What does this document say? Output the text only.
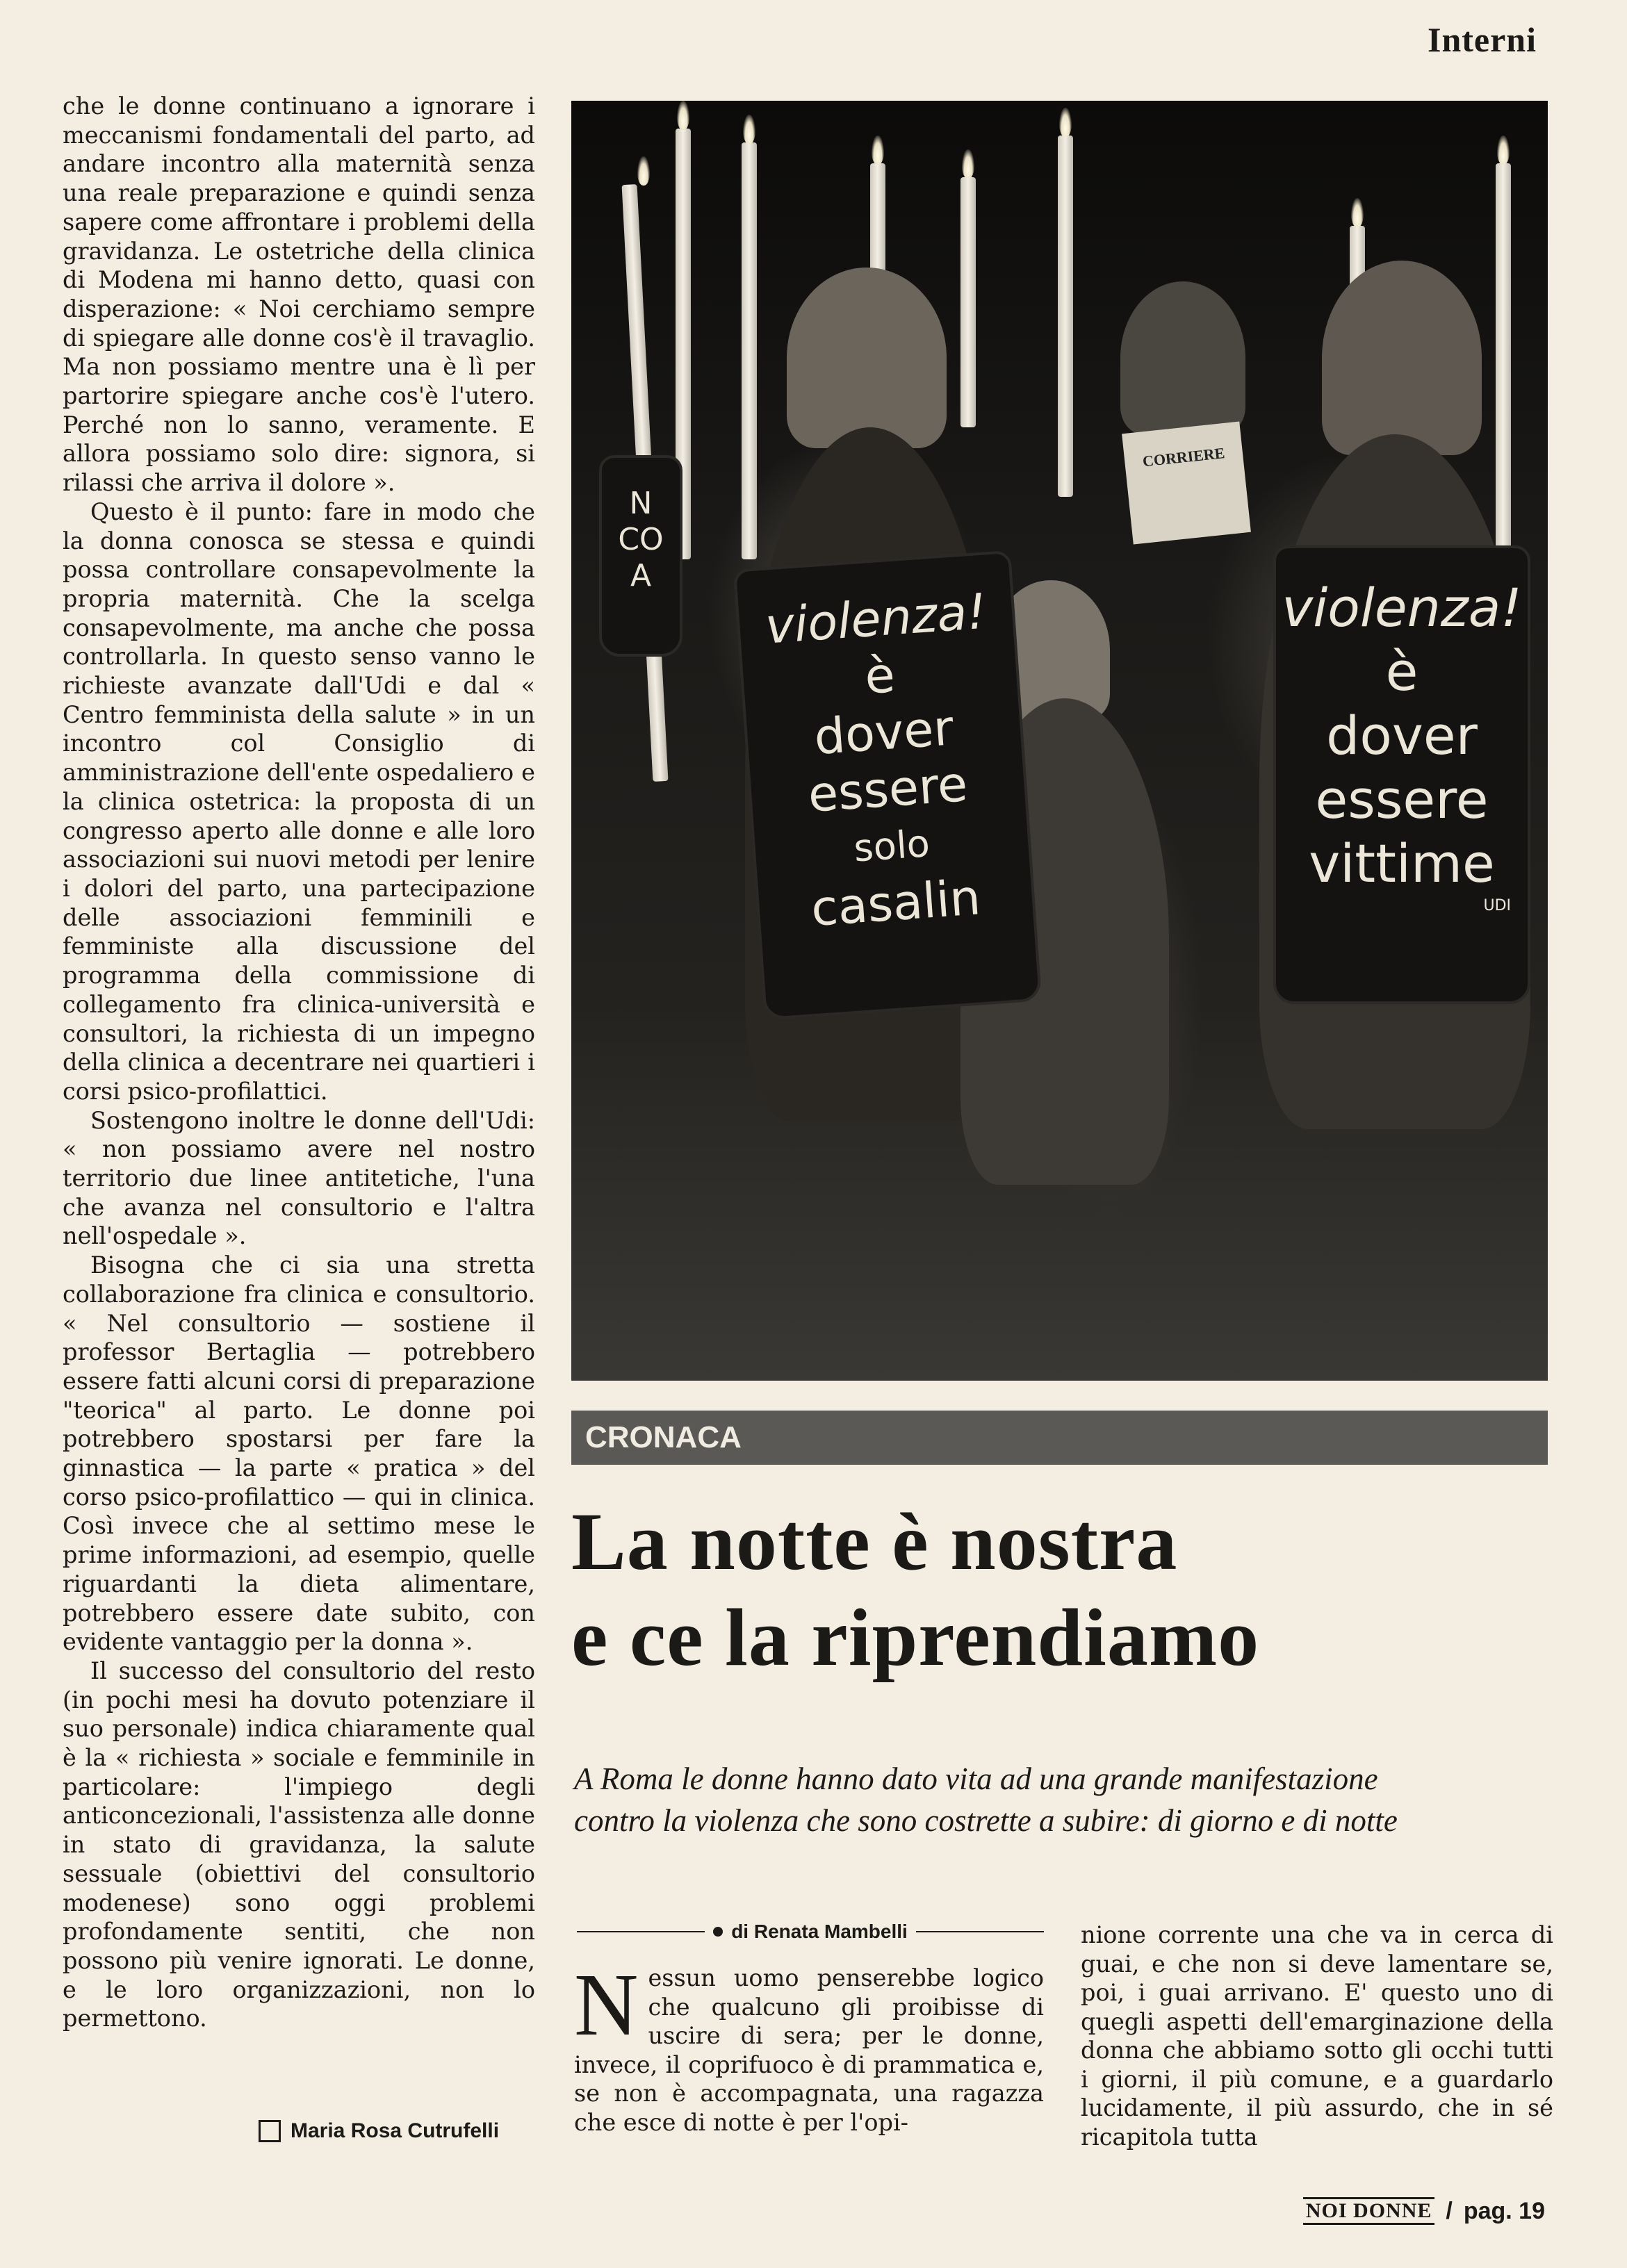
Interni

che le donne continuano a ignorare i meccanismi fondamentali del parto, ad andare incontro alla maternità senza una reale preparazione e quindi senza sapere come affrontare i problemi della gravidanza. Le ostetriche della clinica di Modena mi hanno detto, quasi con disperazione: « Noi cerchiamo sempre di spiegare alle donne cos'è il travaglio. Ma non possiamo mentre una è lì per partorire spiegare anche cos'è l'utero. Perché non lo sanno, veramente. E allora possiamo solo dire: signora, si rilassi che arriva il dolore ».

Questo è il punto: fare in modo che la donna conosca se stessa e quindi possa controllare consapevolmente la propria maternità. Che la scelga consapevolmente, ma anche che possa controllarla. In questo senso vanno le richieste avanzate dall'Udi e dal « Centro femminista della salute » in un incontro col Consiglio di amministrazione dell'ente ospedaliero e la clinica ostetrica: la proposta di un congresso aperto alle donne e alle loro associazioni sui nuovi metodi per lenire i dolori del parto, una partecipazione delle associazioni femminili e femministe alla discussione del programma della commissione di collegamento fra clinica-università e consultori, la richiesta di un impegno della clinica a decentrare nei quartieri i corsi psico-profilattici.

Sostengono inoltre le donne dell'Udi: « non possiamo avere nel nostro territorio due linee antitetiche, l'una che avanza nel consultorio e l'altra nell'ospedale ».

Bisogna che ci sia una stretta collaborazione fra clinica e consultorio. « Nel consultorio — sostiene il professor Bertaglia — potrebbero essere fatti alcuni corsi di preparazione "teorica" al parto. Le donne poi potrebbero spostarsi per fare la ginnastica — la parte « pratica » del corso psico-profilattico — qui in clinica. Così invece che al settimo mese le prime informazioni, ad esempio, quelle riguardanti la dieta alimentare, potrebbero essere date subito, con evidente vantaggio per la donna ».

Il successo del consultorio del resto (in pochi mesi ha dovuto potenziare il suo personale) indica chiaramente qual è la « richiesta » sociale e femminile in particolare: l'impiego degli anticoncezionali, l'assistenza alle donne in stato di gravidanza, la salute sessuale (obiettivi del consultorio modenese) sono oggi problemi profondamente sentiti, che non possono più venire ignorati. Le donne, e le loro organizzazioni, non lo permettono.

Maria Rosa Cutrufelli
CORRIERE
N
CO
A
violenza!
è
dover
essere
solo
casalin
violenza!
è
dover
essere
vittime
UDI
CRONACA
La notte è nostra
e ce la riprendiamo
A Roma le donne hanno dato vita ad una grande manifestazione contro la violenza che sono costrette a subire: di giorno e di notte
di Renata Mambelli
N essun uomo penserebbe logico che qualcuno gli proibisse di uscire di sera; per le donne, invece, il coprifuoco è di prammatica e, se non è accompagnata, una ragazza che esce di notte è per l'opi-

nione corrente una che va in cerca di guai, e che non si deve lamentare se, poi, i guai arrivano. E' questo uno di quegli aspetti dell'emarginazione della donna che abbiamo sotto gli occhi tutti i giorni, il più comune, e a guardarlo lucidamente, il più assurdo, che in sé ricapitola tutta

NOI DONNE / pag. 19
